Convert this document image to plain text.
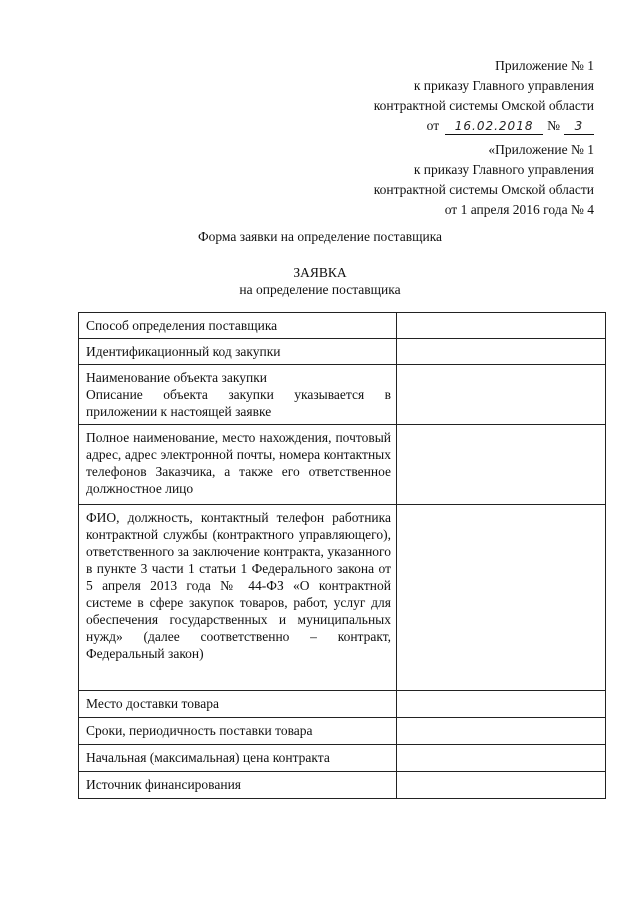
Приложение № 1
к приказу Главного управления
контрактной системы Омской области
от	16.02.2018	№	3
«Приложение № 1
к приказу Главного управления
контрактной системы Омской области
от 1 апреля 2016 года № 4
Форма заявки на определение поставщика
ЗАЯВКА
на определение поставщика
Способ определения поставщика	

Идентификационный код закупки	

Наименование объекта закупки
Описание объекта закупки указывается в приложении к настоящей заявке	

Полное наименование, место нахождения, почтовый адрес, адрес электронной почты, номера контактных телефонов Заказчика, а также его ответственное должностное лицо	

ФИО, должность, контактный телефон работника контрактной службы (контрактного управляющего), ответственного за заключение контракта, указанного в пункте 3 части 1 статьи 1 Федерального закона от 5 апреля 2013 года № 44-ФЗ «О контрактной системе в сфере закупок товаров, работ, услуг для обеспечения государственных и муниципальных нужд» (далее соответственно – контракт, Федеральный закон)	

Место доставки товара	

Сроки, периодичность поставки товара	

Начальная (максимальная) цена контракта	

Источник финансирования	
